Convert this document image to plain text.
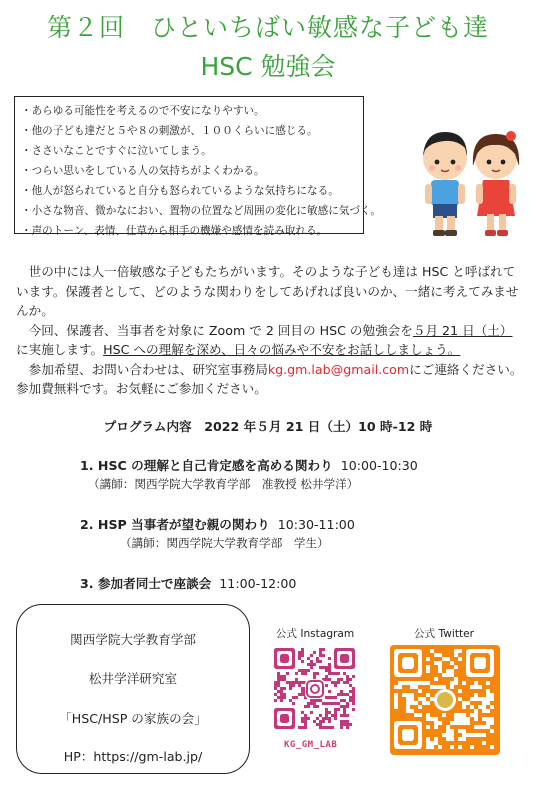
第２回　ひといちばい敏感な子ども達
HSC 勉強会
・あらゆる可能性を考えるので不安になりやすい。
・他の子ども達だと５や８の刺激が、１００くらいに感じる。
・ささいなことですぐに泣いてしまう。
・つらい思いをしている人の気持ちがよくわかる。
・他人が怒られていると自分も怒られているような気持ちになる。
・小さな物音、微かなにおい、置物の位置など周囲の変化に敏感に気づく。
・声のトーン、表情、仕草から相手の機嫌や感情を読み取れる。

　世の中には人一倍敏感な子どもたちがいます。そのような子ども達は HSC と呼ばれています。保護者として、どのような関わりをしてあげれば良いのか、一緒に考えてみませんか。

　今回、保護者、当事者を対象に Zoom で 2 回目の HSC の勉強会を５月 21 日（土）に実施します。HSC への理解を深め、日々の悩みや不安をお話ししましょう。

　参加希望、お問い合わせは、研究室事務局kg.gm.lab@gmail.comにご連絡ください。参加費無料です。お気軽にご参加ください。

プログラム内容　2022 年５月 21 日（土）10 時-12 時
1. HSC の理解と自己肯定感を高める関わり 10:00-10:30
（講師：関西学院大学教育学部　准教授 松井学洋）
2. HSP 当事者が望む親の関わり 10:30-11:00
（講師：関西学院大学教育学部　学生）
3. 参加者同士で座談会 11:00-12:00
関西学院大学教育学部
松井学洋研究室
「HSC/HSP の家族の会」
HP：https://gm-lab.jp/
公式 Instagram
KG_GM_LAB
公式 Twitter
